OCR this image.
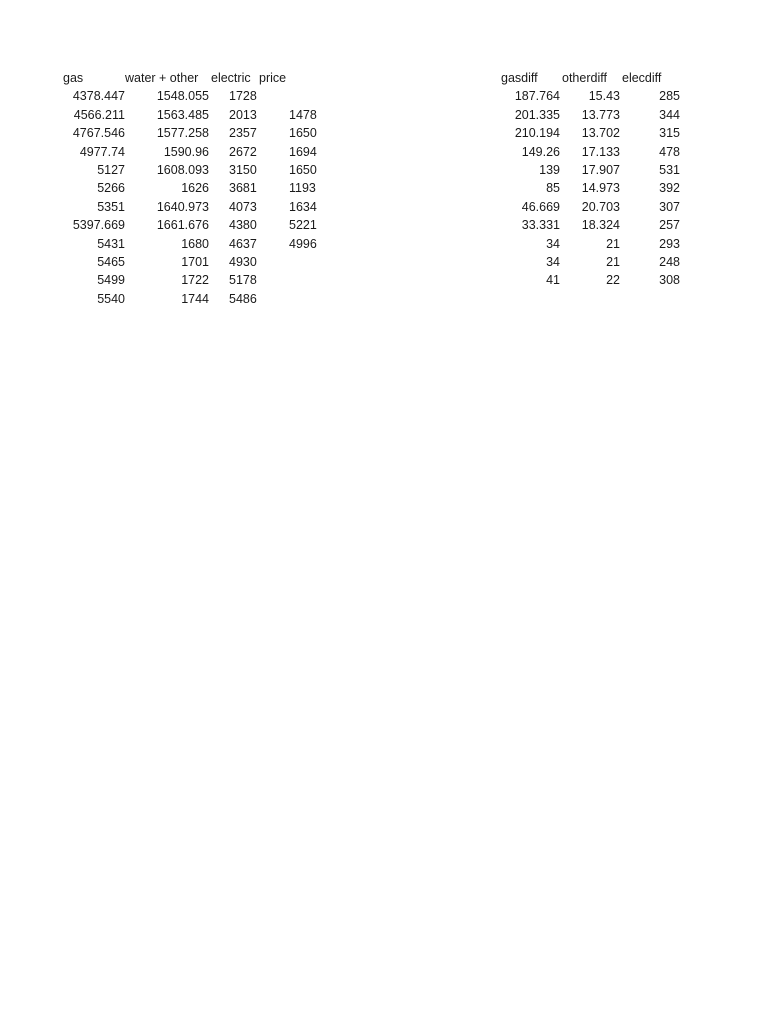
gas	water + other	electric	price
4378.447	1548.055	1728	
4566.211	1563.485	2013	1478
4767.546	1577.258	2357	1650
4977.74	1590.96	2672	1694
5127	1608.093	3150	1650
5266	1626	3681	1193
5351	1640.973	4073	1634
5397.669	1661.676	4380	5221
5431	1680	4637	4996
5465	1701	4930	
5499	1722	5178	
5540	1744	5486	
gasdiff	otherdiff	elecdiff
187.764	15.43	285
201.335	13.773	344
210.194	13.702	315
149.26	17.133	478
139	17.907	531
85	14.973	392
46.669	20.703	307
33.331	18.324	257
34	21	293
34	21	248
41	22	308
